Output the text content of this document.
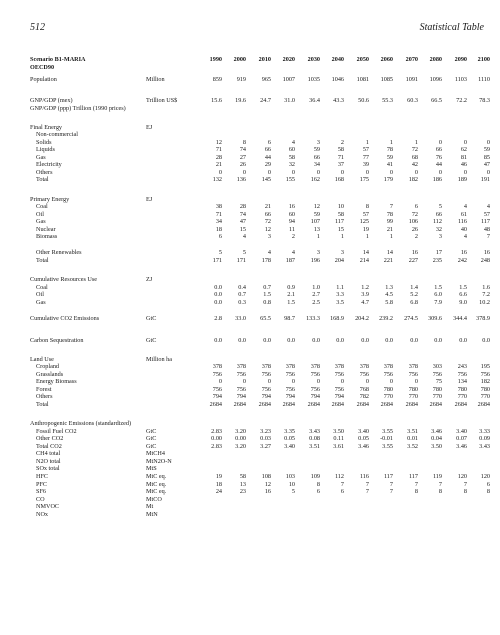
512	Statistical Table
Scenario B1-MARIA	1990	2000	2010	2020	2030	2040	2050	2060	2070	2080	2090	2100
OECD90
Population	Million	859	919	965	1007	1035	1046	1081	1085	1091	1096	1103	1110
GNP/GDP (mex)	Trillion US$	15.6	19.6	24.7	31.0	36.4	43.3	50.6	55.3	60.3	66.5	72.2	78.3
GNP/GDP (ppp) Trillion (1990 prices)
Final Energy	EJ
Non-commercial
Solids	12	8	6	4	3	2	1	1	1	0	0	0
Liquids	71	74	66	60	59	58	57	78	72	66	62	59
Gas	28	27	44	58	66	71	77	59	68	76	81	85
Electricity	21	26	29	32	34	37	39	41	42	44	46	47
Others	0	0	0	0	0	0	0	0	0	0	0	0
Total	132	136	145	155	162	168	175	179	182	186	189	191
Primary Energy	EJ
Coal	38	28	21	16	12	10	8	7	6	5	4	4
Oil	71	74	66	60	59	58	57	78	72	66	61	57
Gas	34	47	72	94	107	117	125	99	106	112	116	117
Nuclear	18	15	12	11	13	15	19	21	26	32	40	48
Biomass	6	4	3	2	1	1	1	1	2	3	4	7
Other Renewables	5	5	4	4	3	3	14	14	16	17	16	16
Total	171	171	178	187	196	204	214	221	227	235	242	248
Cumulative Resources Use	ZJ
Coal	0.0	0.4	0.7	0.9	1.0	1.1	1.2	1.3	1.4	1.5	1.5	1.6
Oil	0.0	0.7	1.5	2.1	2.7	3.3	3.9	4.5	5.2	6.0	6.6	7.2
Gas	0.0	0.3	0.8	1.5	2.5	3.5	4.7	5.8	6.8	7.9	9.0	10.2
Cumulative CO2 Emissions	GtC	2.8	33.0	65.5	98.7	133.3	168.9	204.2	239.2	274.5	309.6	344.4	378.9
Carbon Sequestration	GtC	0.0	0.0	0.0	0.0	0.0	0.0	0.0	0.0	0.0	0.0	0.0	0.0
Land Use	Million ha
Cropland	378	378	378	378	378	378	378	378	378	303	243	195
Grasslands	756	756	756	756	756	756	756	756	756	756	756	756
Energy Biomass	0	0	0	0	0	0	0	0	0	75	134	182
Forest	756	756	756	756	756	756	768	780	780	780	780	780
Others	794	794	794	794	794	794	782	770	770	770	770	770
Total	2684	2684	2684	2684	2684	2684	2684	2684	2684	2684	2684	2684
Anthropogenic Emissions (standardized)
Fossil Fuel CO2	GtC	2.83	3.20	3.23	3.35	3.43	3.50	3.40	3.55	3.51	3.46	3.40	3.33
Other CO2	GtC	0.00	0.00	0.03	0.05	0.08	0.11	0.05	-0.01	0.01	0.04	0.07	0.09
Total CO2	GtC	2.83	3.20	3.27	3.40	3.51	3.61	3.46	3.55	3.52	3.50	3.46	3.43
CH4 total	MtCH4
N2O total	MtN2O-N
SOx total	MtS
HFC	MtC eq.	19	58	108	103	109	112	116	117	117	119	120	120
PFC	MtC eq.	18	13	12	10	8	7	7	7	7	7	7	6
SF6	MtC eq.	24	23	16	5	6	6	7	7	8	8	8	8
CO	MtCO
NMVOC	Mt
NOx	MtN
